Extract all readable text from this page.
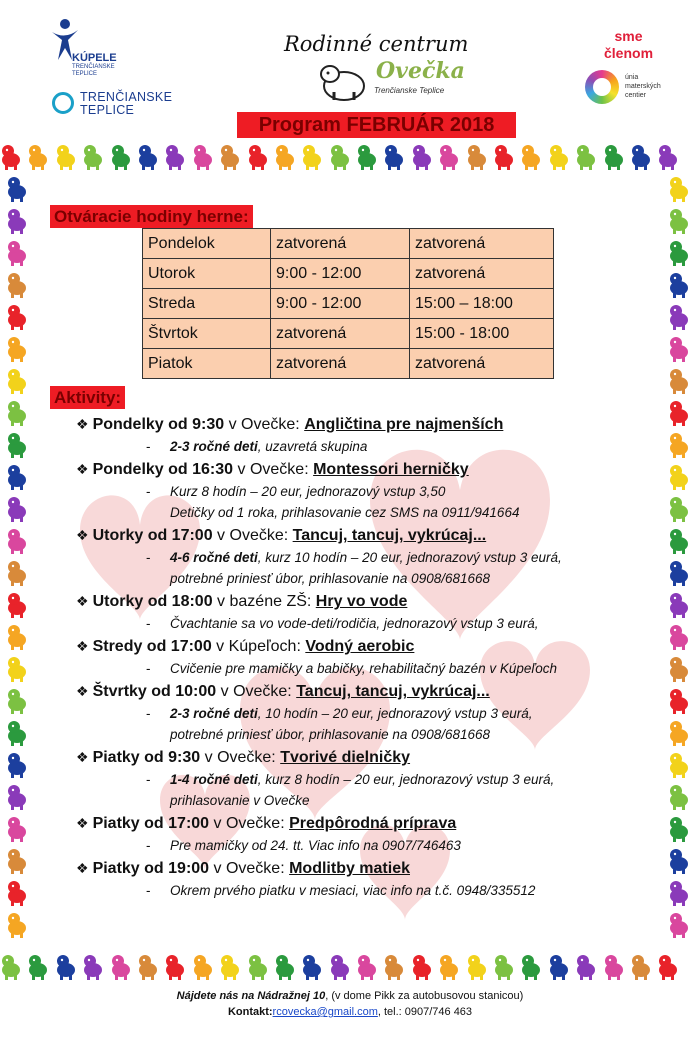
KÚPELE
TRENČIANSKE TEPLICE
TRENČIANSKE
TEPLICE
Rodinné centrum
Ovečka
Trenčianske Teplice
sme
členom
únia
materských
centier
Program FEBRUÁR 2018
Otváracie hodiny herne:
Pondelok	zatvorená	zatvorená
Utorok	9:00 - 12:00	zatvorená
Streda	9:00 - 12:00	15:00 – 18:00
Štvrtok	zatvorená	15:00 - 18:00
Piatok	zatvorená	zatvorená
Aktivity:
❖ Pondelky od 9:30 v Ovečke: Angličtina pre najmenších
- 2-3 ročné deti, uzavretá skupina
❖ Pondelky od 16:30 v Ovečke: Montessori herničky
- Kurz 8 hodín – 20 eur, jednorazový vstup 3,50
Detičky od 1 roka, prihlasovanie cez SMS na 0911/941664
❖ Utorky od 17:00 v Ovečke: Tancuj, tancuj, vykrúcaj...
- 4-6 ročné deti, kurz 10 hodín – 20 eur, jednorazový vstup 3 eurá,
potrebné priniesť úbor, prihlasovanie na 0908/681668
❖ Utorky od 18:00 v bazéne ZŠ: Hry vo vode
- Čvachtanie sa vo vode-deti/rodičia, jednorazový vstup 3 eurá,
❖ Stredy od 17:00 v Kúpeľoch: Vodný aerobic
- Cvičenie pre mamičky a babičky, rehabilitačný bazén v Kúpeľoch
❖ Štvrtky od 10:00 v Ovečke: Tancuj, tancuj, vykrúcaj...
- 2-3 ročné deti, 10 hodín – 20 eur, jednorazový vstup 3 eurá,
potrebné priniesť úbor, prihlasovanie na 0908/681668
❖ Piatky od 9:30 v Ovečke: Tvorivé dielničky
- 1-4 ročné deti, kurz 8 hodín – 20 eur, jednorazový vstup 3 eurá,
prihlasovanie v Ovečke
❖ Piatky od 17:00 v Ovečke: Predpôrodná príprava
- Pre mamičky od 24. tt. Viac info na 0907/746463
❖ Piatky od 19:00 v Ovečke: Modlitby matiek
- Okrem prvého piatku v mesiaci, viac info na t.č. 0948/335512
Nájdete nás na Nádražnej 10, (v dome Pikk za autobusovou stanicou)
Kontakt:rcovecka@gmail.com, tel.: 0907/746 463
